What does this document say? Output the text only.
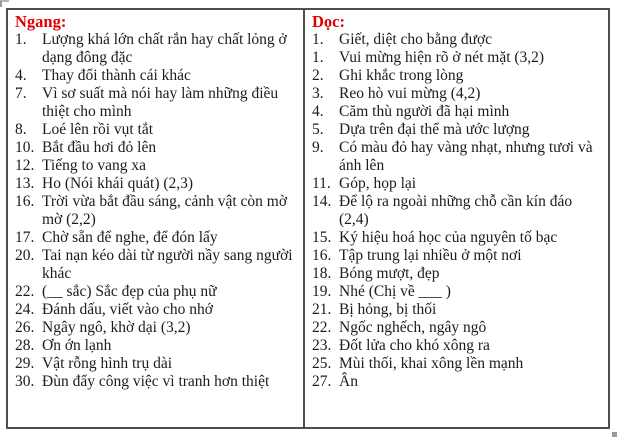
Ngang:
1. Lượng khá lớn chất rắn hay chất lỏng ở dạng đông đặc
4. Thay đổi thành cái khác
7. Vì sơ suất mà nói hay làm những điều thiệt cho mình
8. Loé lên rồi vụt tắt
10. Bắt đầu hơi đỏ lên
12. Tiếng to vang xa
13. Ho (Nói khái quát) (2,3)
16. Trời vừa bắt đầu sáng, cảnh vật còn mờ mờ (2,2)
17. Chờ sẵn để nghe, để đón lấy
20. Tai nạn kéo dài từ người nầy sang người khác
22. (__ sắc) Sắc đẹp của phụ nữ
24. Đánh dấu, viết vào cho nhớ
26. Ngây ngô, khờ dại (3,2)
28. Ơn ớn lạnh
29. Vật rỗng hình trụ dài
30. Đùn đẩy công việc vì tranh hơn thiệt
Dọc:
1. Giết, diệt cho bằng được
1. Vui mừng hiện rõ ở nét mặt (3,2)
2. Ghi khắc trong lòng
3. Reo hò vui mừng (4,2)
4. Căm thù người đã hại mình
5. Dựa trên đại thể mà ước lượng
9. Có màu đỏ hay vàng nhạt, nhưng tươi và ánh lên
11. Góp, họp lại
14. Để lộ ra ngoài những chỗ cần kín đáo (2,4)
15. Ký hiệu hoá học của nguyên tố bạc
16. Tập trung lại nhiều ở một nơi
18. Bóng mượt, đẹp
19. Nhé (Chị về ___ )
21. Bị hỏng, bị thối
22. Ngốc nghếch, ngây ngô
23. Đốt lửa cho khó xông ra
25. Mùi thối, khai xông lền mạnh
27. Ân
